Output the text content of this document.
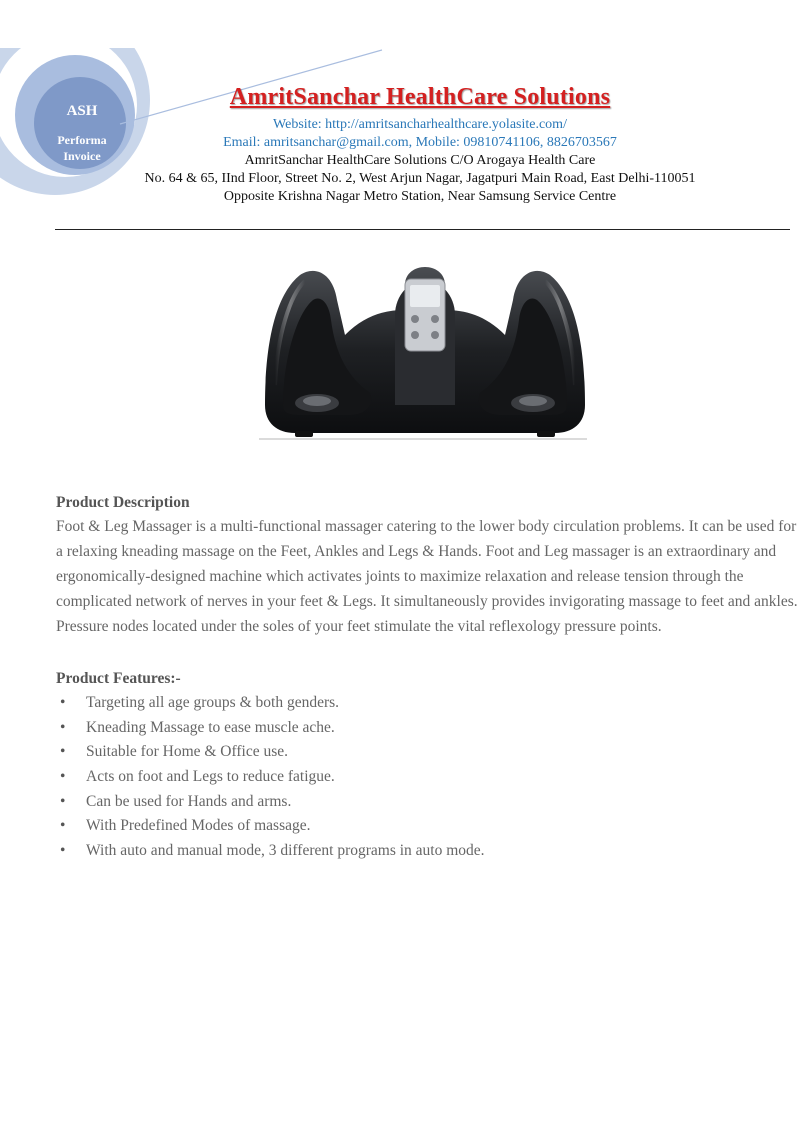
ASH
Performa
Invoice
AmritSanchar HealthCare Solutions
Website: http://amritsancharhealthcare.yolasite.com/
Email: amritsanchar@gmail.com, Mobile: 09810741106, 8826703567
AmritSanchar HealthCare Solutions C/O Arogaya Health Care
No. 64 & 65, IInd Floor, Street No. 2, West Arjun Nagar, Jagatpuri Main Road, East Delhi-110051
Opposite Krishna Nagar Metro Station, Near Samsung Service Centre
Product Description
Foot & Leg Massager is a multi-functional massager catering to the lower body circulation problems. It can be used for
a relaxing kneading massage on the Feet, Ankles and Legs & Hands. Foot and Leg massager is an extraordinary and
ergonomically-designed machine which activates joints to maximize relaxation and release tension through the
complicated network of nerves in your feet & Legs. It simultaneously provides invigorating massage to feet and ankles.
Pressure nodes located under the soles of your feet stimulate the vital reflexology pressure points.
Product Features:-
•	Targeting all age groups & both genders.
•	Kneading Massage to ease muscle ache.
•	Suitable for Home & Office use.
•	Acts on foot and Legs to reduce fatigue.
•	Can be used for Hands and arms.
•	With Predefined Modes of massage.
•	With auto and manual mode, 3 different programs in auto mode.
